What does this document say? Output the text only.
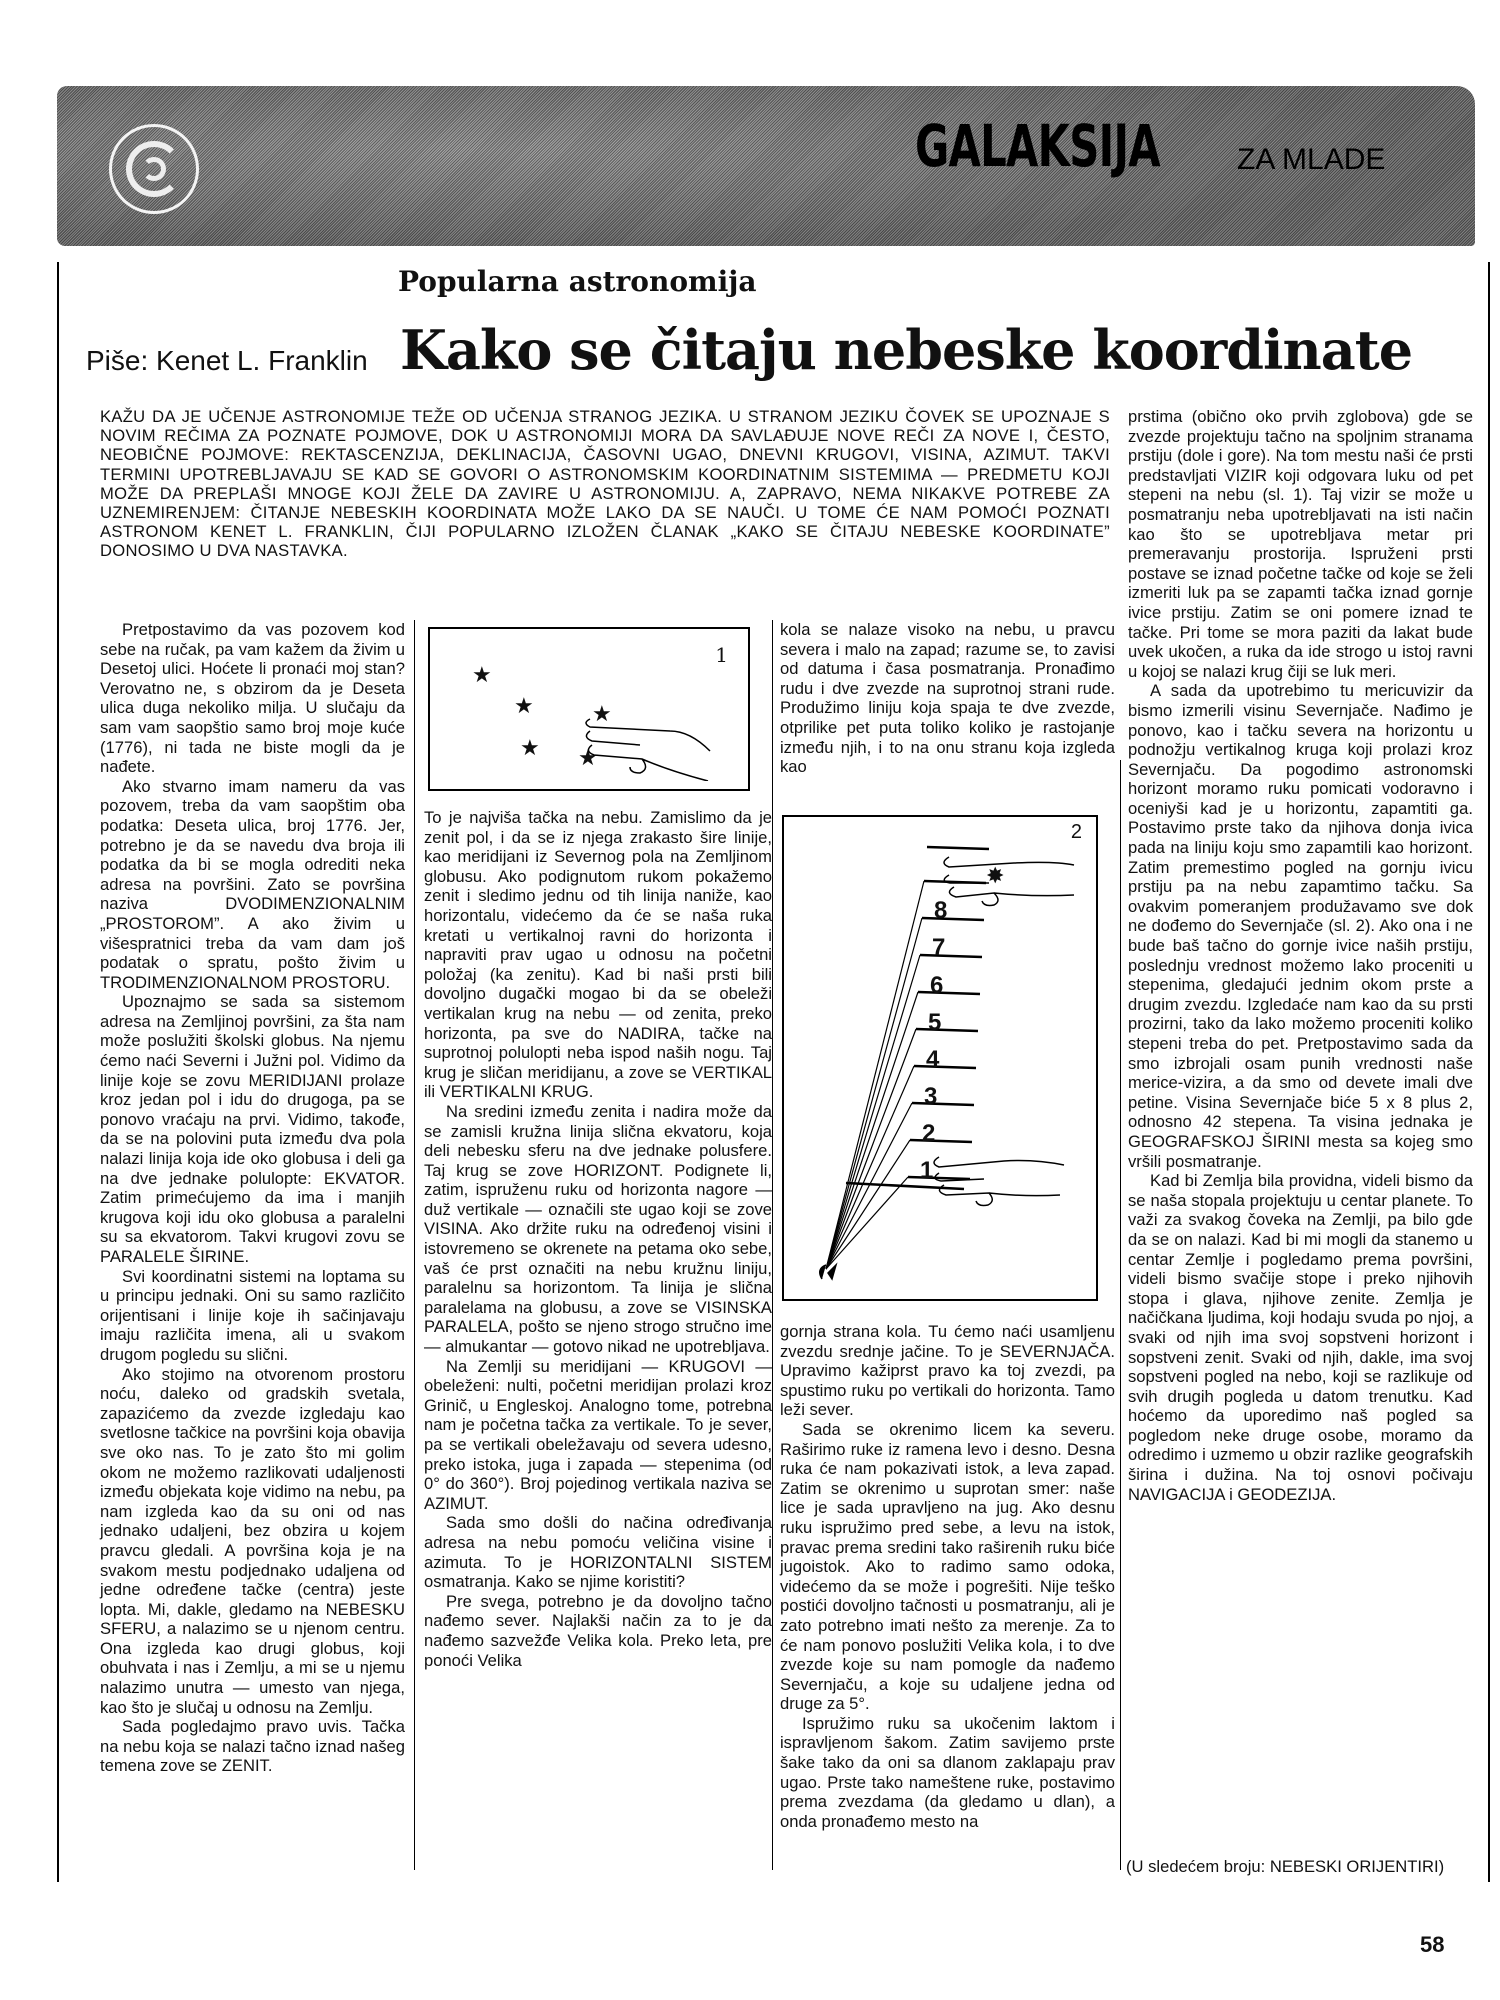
GALAKSIJA	ZA MLADE
Popularna astronomija
Piše: Kenet L. Franklin Kako se čitaju nebeske koordinate
KAŽU DA JE UČENJE ASTRONOMIJE TEŽE OD UČENJA STRANOG JEZIKA. U STRANOM JEZIKU ČOVEK SE UPOZNAJE S NOVIM REČIMA ZA POZNATE POJMOVE, DOK U ASTRONOMIJI MORA DA SAVLAĐUJE NOVE REČI ZA NOVE I, ČESTO, NEOBIČNE POJMOVE: REKTASCENZIJA, DEKLINACIJA, ČASOVNI UGAO, DNEVNI KRUGOVI, VISINA, AZIMUT. TAKVI TERMINI UPOTREBLJAVAJU SE KAD SE GOVORI O ASTRONOMSKIM KOORDINATNIM SISTEMIMA — PREDMETU KOJI MOŽE DA PREPLAŠI MNOGE KOJI ŽELE DA ZAVIRE U ASTRONOMIJU. A, ZAPRAVO, NEMA NIKAKVE POTREBE ZA UZNEMIRENJEM: ČITANJE NEBESKIH KOORDINATA MOŽE LAKO DA SE NAUČI. U TOME ĆE NAM POMOĆI POZNATI ASTRONOM KENET L. FRANKLIN, ČIJI POPULARNO IZLOŽEN ČLANAK „KAKO SE ČITAJU NEBESKE KOORDINATE” DONOSIMO U DVA NASTAVKA.

Pretpostavimo da vas pozovem kod sebe na ručak, pa vam kažem da živim u Desetoj ulici. Hoćete li pronaći moj stan? Verovatno ne, s obzirom da je Deseta ulica duga nekoliko milja. U slučaju da sam vam saopštio samo broj moje kuće (1776), ni tada ne biste mogli da je nađete.

Ako stvarno imam nameru da vas pozovem, treba da vam saopštim oba podatka: Deseta ulica, broj 1776. Jer, potrebno je da se navedu dva broja ili podatka da bi se mogla odrediti neka adresa na površini. Zato se površina naziva DVODIMENZIONALNIM „PROSTOROM”. A ako živim u višespratnici treba da vam dam još podatak o spratu, pošto živim u TRODIMENZIONALNOM PROSTORU.

Upoznajmo se sada sa sistemom adresa na Zemljinoj površini, za šta nam može poslužiti školski globus. Na njemu ćemo naći Severni i Južni pol. Vidimo da linije koje se zovu MERIDIJANI prolaze kroz jedan pol i idu do drugoga, pa se ponovo vraćaju na prvi. Vidimo, takođe, da se na polovini puta između dva pola nalazi linija koja ide oko globusa i deli ga na dve jednake polulopte: EKVATOR. Zatim primećujemo da ima i manjih krugova koji idu oko globusa a paralelni su sa ekvatorom. Takvi krugovi zovu se PARALELE ŠIRINE.

Svi koordinatni sistemi na loptama su u principu jednaki. Oni su samo različito orijentisani i linije koje ih sačinjavaju imaju različita imena, ali u svakom drugom pogledu su slični.

Ako stojimo na otvorenom prostoru noću, daleko od gradskih svetala, zapazićemo da zvezde izgledaju kao svetlosne tačkice na površini koja obavija sve oko nas. To je zato što mi golim okom ne možemo razlikovati udaljenosti između objekata koje vidimo na nebu, pa nam izgleda kao da su oni od nas jednako udaljeni, bez obzira u kojem pravcu gledali. A površina koja je na svakom mestu podjednako udaljena od jedne određene tačke (centra) jeste lopta. Mi, dakle, gledamo na NEBESKU SFERU, a nalazimo se u njenom centru. Ona izgleda kao drugi globus, koji obuhvata i nas i Zemlju, a mi se u njemu nalazimo unutra — umesto van njega, kao što je slučaj u odnosu na Zemlju.

Sada pogledajmo pravo uvis. Tačka na nebu koja se nalazi tačno iznad našeg temena zove se ZENIT.

1
★
★
★
★
★

To je najviša tačka na nebu. Zamislimo da je zenit pol, i da se iz njega zrakasto šire linije, kao meridijani iz Severnog pola na Zemljinom globusu. Ako podignutom rukom pokažemo zenit i sledimo jednu od tih linija naniže, kao horizontalu, videćemo da će se naša ruka kretati u vertikalnoj ravni do horizonta i napraviti prav ugao u odnosu na početni položaj (ka zenitu). Kad bi naši prsti bili dovoljno dugački mogao bi da se obeleži vertikalan krug na nebu — od zenita, preko horizonta, pa sve do NADIRA, tačke na suprotnoj polulopti neba ispod naših nogu. Taj krug je sličan meridijanu, a zove se VERTIKAL ili VERTIKALNI KRUG.

Na sredini između zenita i nadira može da se zamisli kružna linija slična ekvatoru, koja deli nebesku sferu na dve jednake polusfere. Taj krug se zove HORIZONT. Podignete li, zatim, ispruženu ruku od horizonta nagore — duž vertikale — označili ste ugao koji se zove VISINA. Ako držite ruku na određenoj visini i istovremeno se okrenete na petama oko sebe, vaš će prst označiti na nebu kružnu liniju, paralelnu sa horizontom. Ta linija je slična paralelama na globusu, a zove se VISINSKA PARALELA, pošto se njeno strogo stručno ime — almukantar — gotovo nikad ne upotrebljava.

Na Zemlji su meridijani — KRUGOVI — obeleženi: nulti, početni meridijan prolazi kroz Grinič, u Engleskoj. Analogno tome, potrebna nam je početna tačka za vertikale. To je sever, pa se vertikali obeležavaju od severa udesno, preko istoka, juga i zapada — stepenima (od 0° do 360°). Broj pojedinog vertikala naziva se AZIMUT.

Sada smo došli do načina određivanja adresa na nebu pomoću veličina visine i azimuta. To je HORIZONTALNI SISTEM osmatranja. Kako se njime koristiti?

Pre svega, potrebno je da dovoljno tačno nađemo sever. Najlakši način za to je da nađemo sazvežđe Velika kola. Preko leta, pre ponoći Velika

kola se nalaze visoko na nebu, u pravcu severa i malo na zapad; razume se, to zavisi od datuma i časa posmatranja. Pronađimo rudu i dve zvezde na suprotnoj strani rude. Produžimo liniju koja spaja te dve zvezde, otprilike pet puta toliko koliko je rastojanje između njih, i to na onu stranu koja izgleda kao

2
✸
8
7
6
5
4
3
2
1

gornja strana kola. Tu ćemo naći usamljenu zvezdu srednje jačine. To je SEVERNJAČA. Upravimo kažiprst pravo ka toj zvezdi, pa spustimo ruku po vertikali do horizonta. Tamo leži sever.

Sada se okrenimo licem ka severu. Raširimo ruke iz ramena levo i desno. Desna ruka će nam pokazivati istok, a leva zapad. Zatim se okrenimo u suprotan smer: naše lice je sada upravljeno na jug. Ako desnu ruku ispružimo pred sebe, a levu na istok, pravac prema sredini tako raširenih ruku biće jugoistok. Ako to radimo samo odoka, videćemo da se može i pogrešiti. Nije teško postići dovoljno tačnosti u posmatranju, ali je zato potrebno imati nešto za merenje. Za to će nam ponovo poslužiti Velika kola, i to dve zvezde koje su nam pomogle da nađemo Severnjaču, a koje su udaljene jedna od druge za 5°.

Ispružimo ruku sa ukočenim laktom i ispravljenom šakom. Zatim savijemo prste šake tako da oni sa dlanom zaklapaju prav ugao. Prste tako nameštene ruke, postavimo prema zvezdama (da gledamo u dlan), a onda pronađemo mesto na

prstima (obično oko prvih zglobova) gde se zvezde projektuju tačno na spoljnim stranama prstiju (dole i gore). Na tom mestu naši će prsti predstavljati VIZIR koji odgovara luku od pet stepeni na nebu (sl. 1). Taj vizir se može u posmatranju neba upotrebljavati na isti način kao što se upotrebljava metar pri premeravanju prostorija. Ispruženi prsti postave se iznad početne tačke od koje se želi izmeriti luk pa se zapamti tačka iznad gornje ivice prstiju. Zatim se oni pomere iznad te tačke. Pri tome se mora paziti da lakat bude uvek ukočen, a ruka da ide strogo u istoj ravni u kojoj se nalazi krug čiji se luk meri.

A sada da upotrebimo tu mericuvizir da bismo izmerili visinu Severnjače. Nađimo je ponovo, kao i tačku severa na horizontu u podnožju vertikalnog kruga koji prolazi kroz Severnjaču. Da pogodimo astronomski horizont moramo ruku pomicati vodoravno i oceniyši kad je u horizontu, zapamtiti ga. Postavimo prste tako da njihova donja ivica pada na liniju koju smo zapamtili kao horizont. Zatim premestimo pogled na gornju ivicu prstiju pa na nebu zapamtimo tačku. Sa ovakvim pomeranjem produžavamo sve dok ne dođemo do Severnjače (sl. 2). Ako ona i ne bude baš tačno do gornje ivice naših prstiju, poslednju vrednost možemo lako proceniti u stepenima, gledajući jednim okom prste a drugim zvezdu. Izgledaće nam kao da su prsti prozirni, tako da lako možemo proceniti koliko stepeni treba do pet. Pretpostavimo sada da smo izbrojali osam punih vrednosti naše merice-vizira, a da smo od devete imali dve petine. Visina Severnjače biće 5 x 8 plus 2, odnosno 42 stepena. Ta visina jednaka je GEOGRAFSKOJ ŠIRINI mesta sa kojeg smo vršili posmatranje.

Kad bi Zemlja bila providna, videli bismo da se naša stopala projektuju u centar planete. To važi za svakog čoveka na Zemlji, pa bilo gde da se on nalazi. Kad bi mi mogli da stanemo u centar Zemlje i pogledamo prema površini, videli bismo svačije stope i preko njihovih stopa i glava, njihove zenite. Zemlja je načičkana ljudima, koji hodaju svuda po njoj, a svaki od njih ima svoj sopstveni horizont i sopstveni zenit. Svaki od njih, dakle, ima svoj sopstveni pogled na nebo, koji se razlikuje od svih drugih pogleda u datom trenutku. Kad hoćemo da uporedimo naš pogled sa pogledom neke druge osobe, moramo da odredimo i uzmemo u obzir razlike geografskih širina i dužina. Na toj osnovi počivaju NAVIGACIJA i GEODEZIJA.

(U sledećem broju: NEBESKI ORIJENTIRI)
58
